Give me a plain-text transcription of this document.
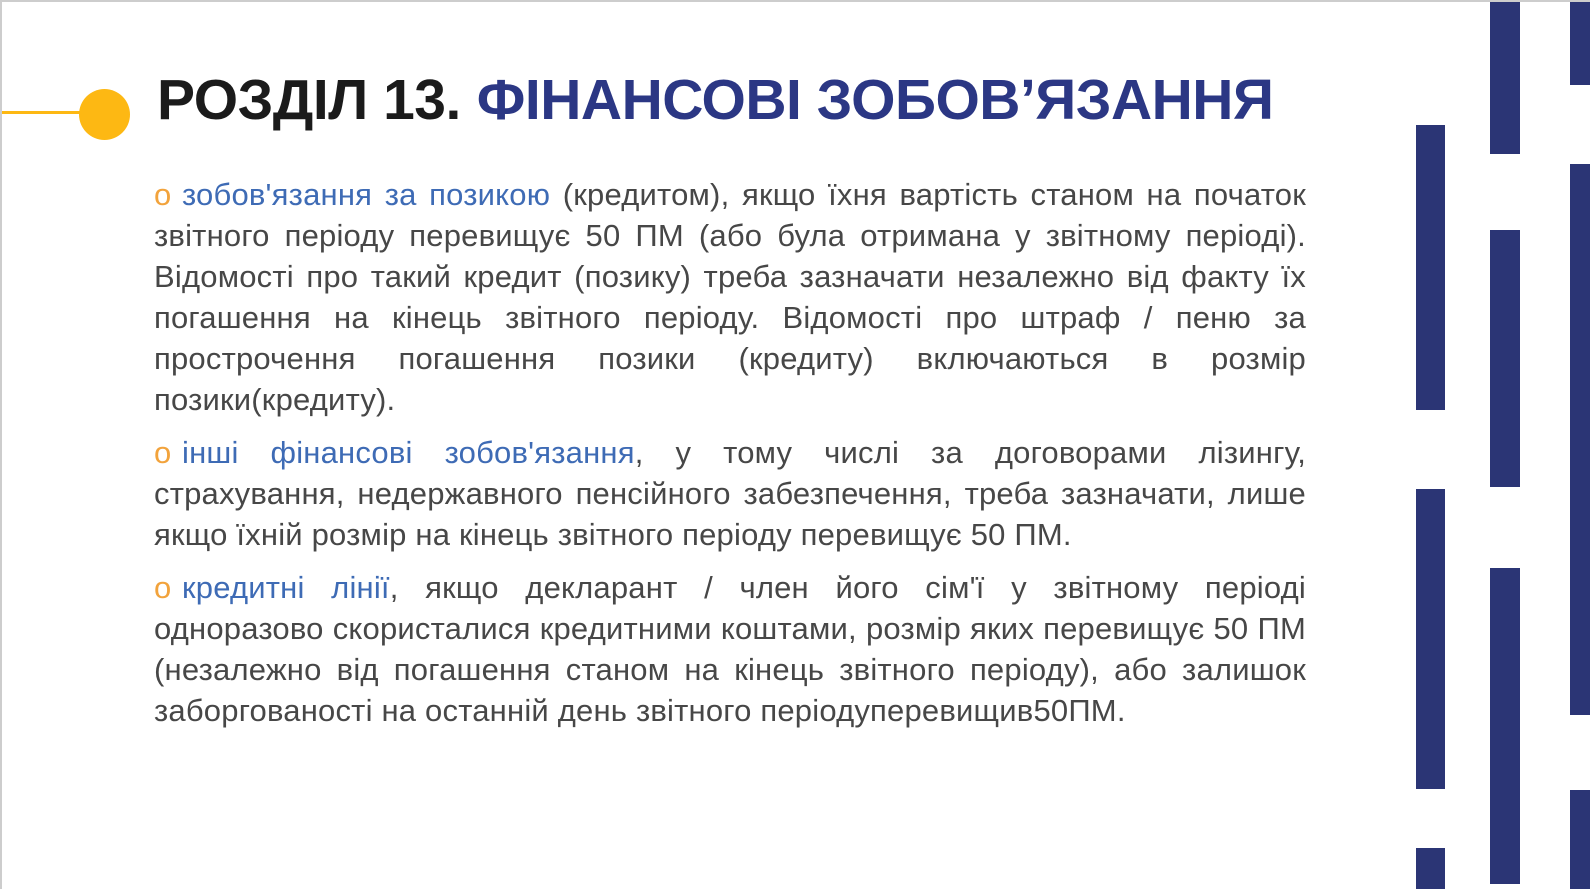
РОЗДІЛ 13. ФІНАНСОВІ ЗОБОВ’ЯЗАННЯ

о зобов'язання за позикою (кредитом), якщо їхня вартість станом на початок звітного періоду перевищує 50 ПМ (або була отримана у звітному періоді). Відомості про такий кредит (позику) треба зазначати незалежно від факту їх погашення на кінець звітного періоду. Відомості про штраф / пеню за прострочення погашення позики (кредиту) включаються в розмір позики(кредиту).

о інші фінансові зобов'язання, у тому числі за договорами лізингу, страхування, недержавного пенсійного забезпечення, треба зазначати, лише якщо їхній розмір на кінець звітного періоду перевищує 50 ПМ.

о кредитні лінії, якщо декларант / член його сім'ї у звітному періоді одноразово скористалися кредитними коштами, розмір яких перевищує 50 ПМ (незалежно від погашення станом на кінець звітного періоду), або залишок заборгованості на останній день звітного періодуперевищив50ПМ.
